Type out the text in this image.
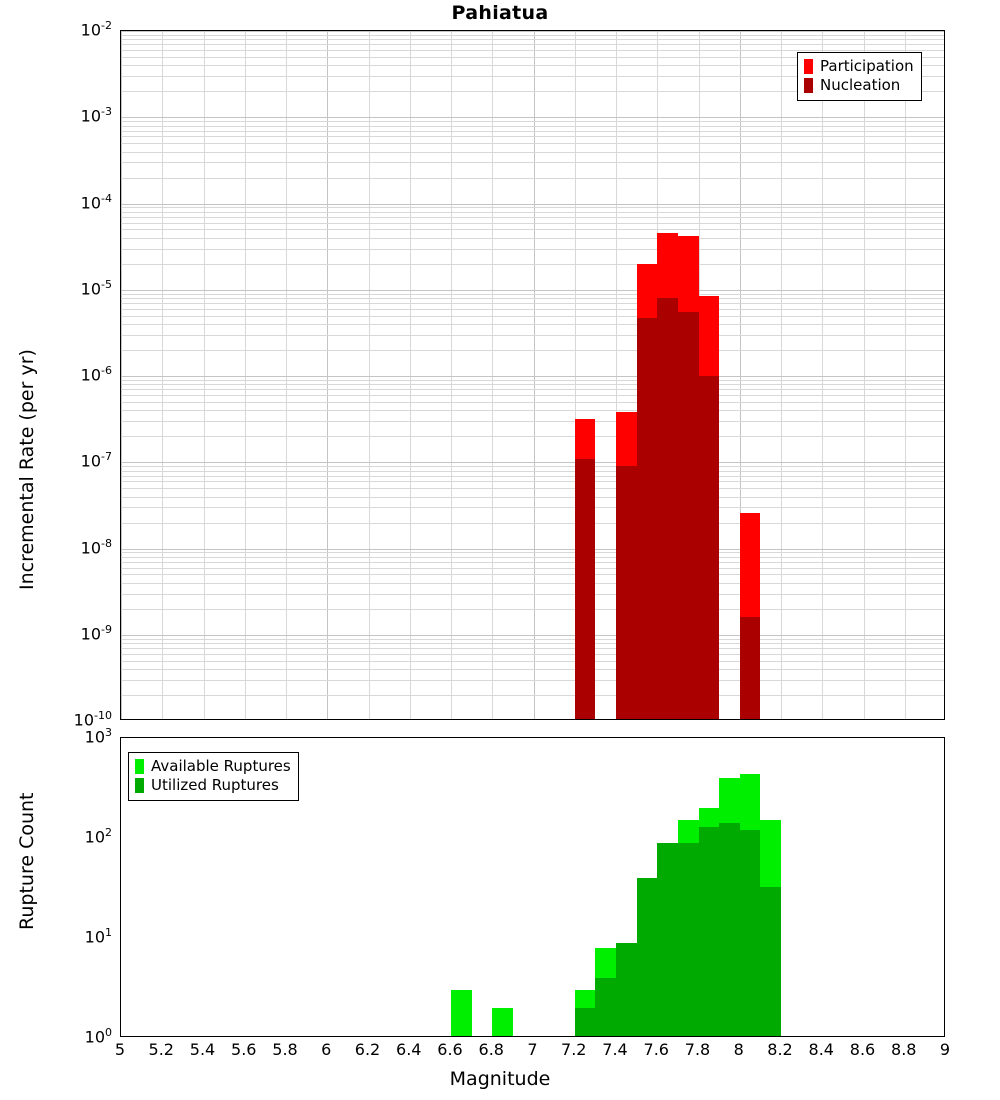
Pahiatua
Incremental Rate (per yr)
$10^{-10}$
$10^{-9}$
$10^{-8}$
$10^{-7}$
$10^{-6}$
$10^{-5}$
$10^{-4}$
$10^{-3}$
$10^{-2}$
Participation
Nucleation
Rupture Count
$10^0$
$10^1$
$10^2$
$10^3$
Available Ruptures
Utilized Ruptures
5	5.2 5.4 5.6 5.8	6	6.2 6.4 6.6 6.8	7	7.2 7.4 7.6 7.8	8	8.2 8.4 8.6 8.8	9
Magnitude
